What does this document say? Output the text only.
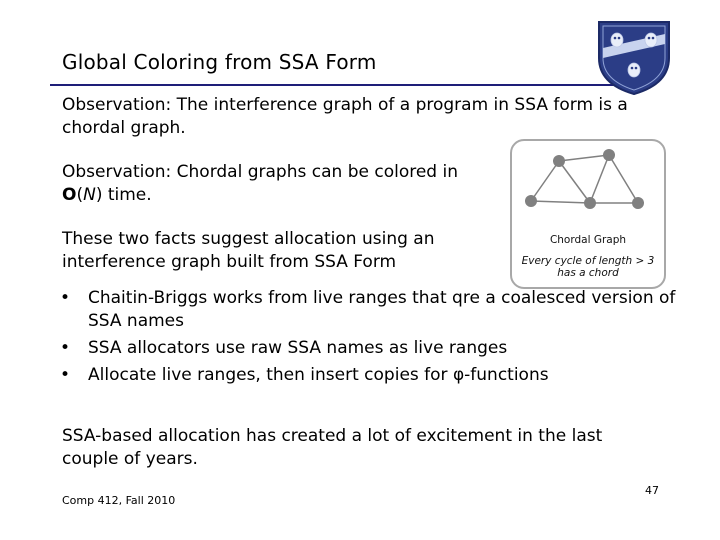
Global Coloring from SSA Form
Observation: The interference graph of a program in SSA form is a chordal graph.
Observation: Chordal graphs can be colored in O(N) time.
These two facts suggest allocation using an interference graph built from SSA Form
Chordal Graph
Every cycle of length > 3 has a chord
• Chaitin-Briggs works from live ranges that qre a coalesced version of SSA names
• SSA allocators use raw SSA names as live ranges
• Allocate live ranges, then insert copies for φ-functions
SSA-based allocation has created a lot of excitement in the last couple of years.
Comp 412, Fall 2010
47
